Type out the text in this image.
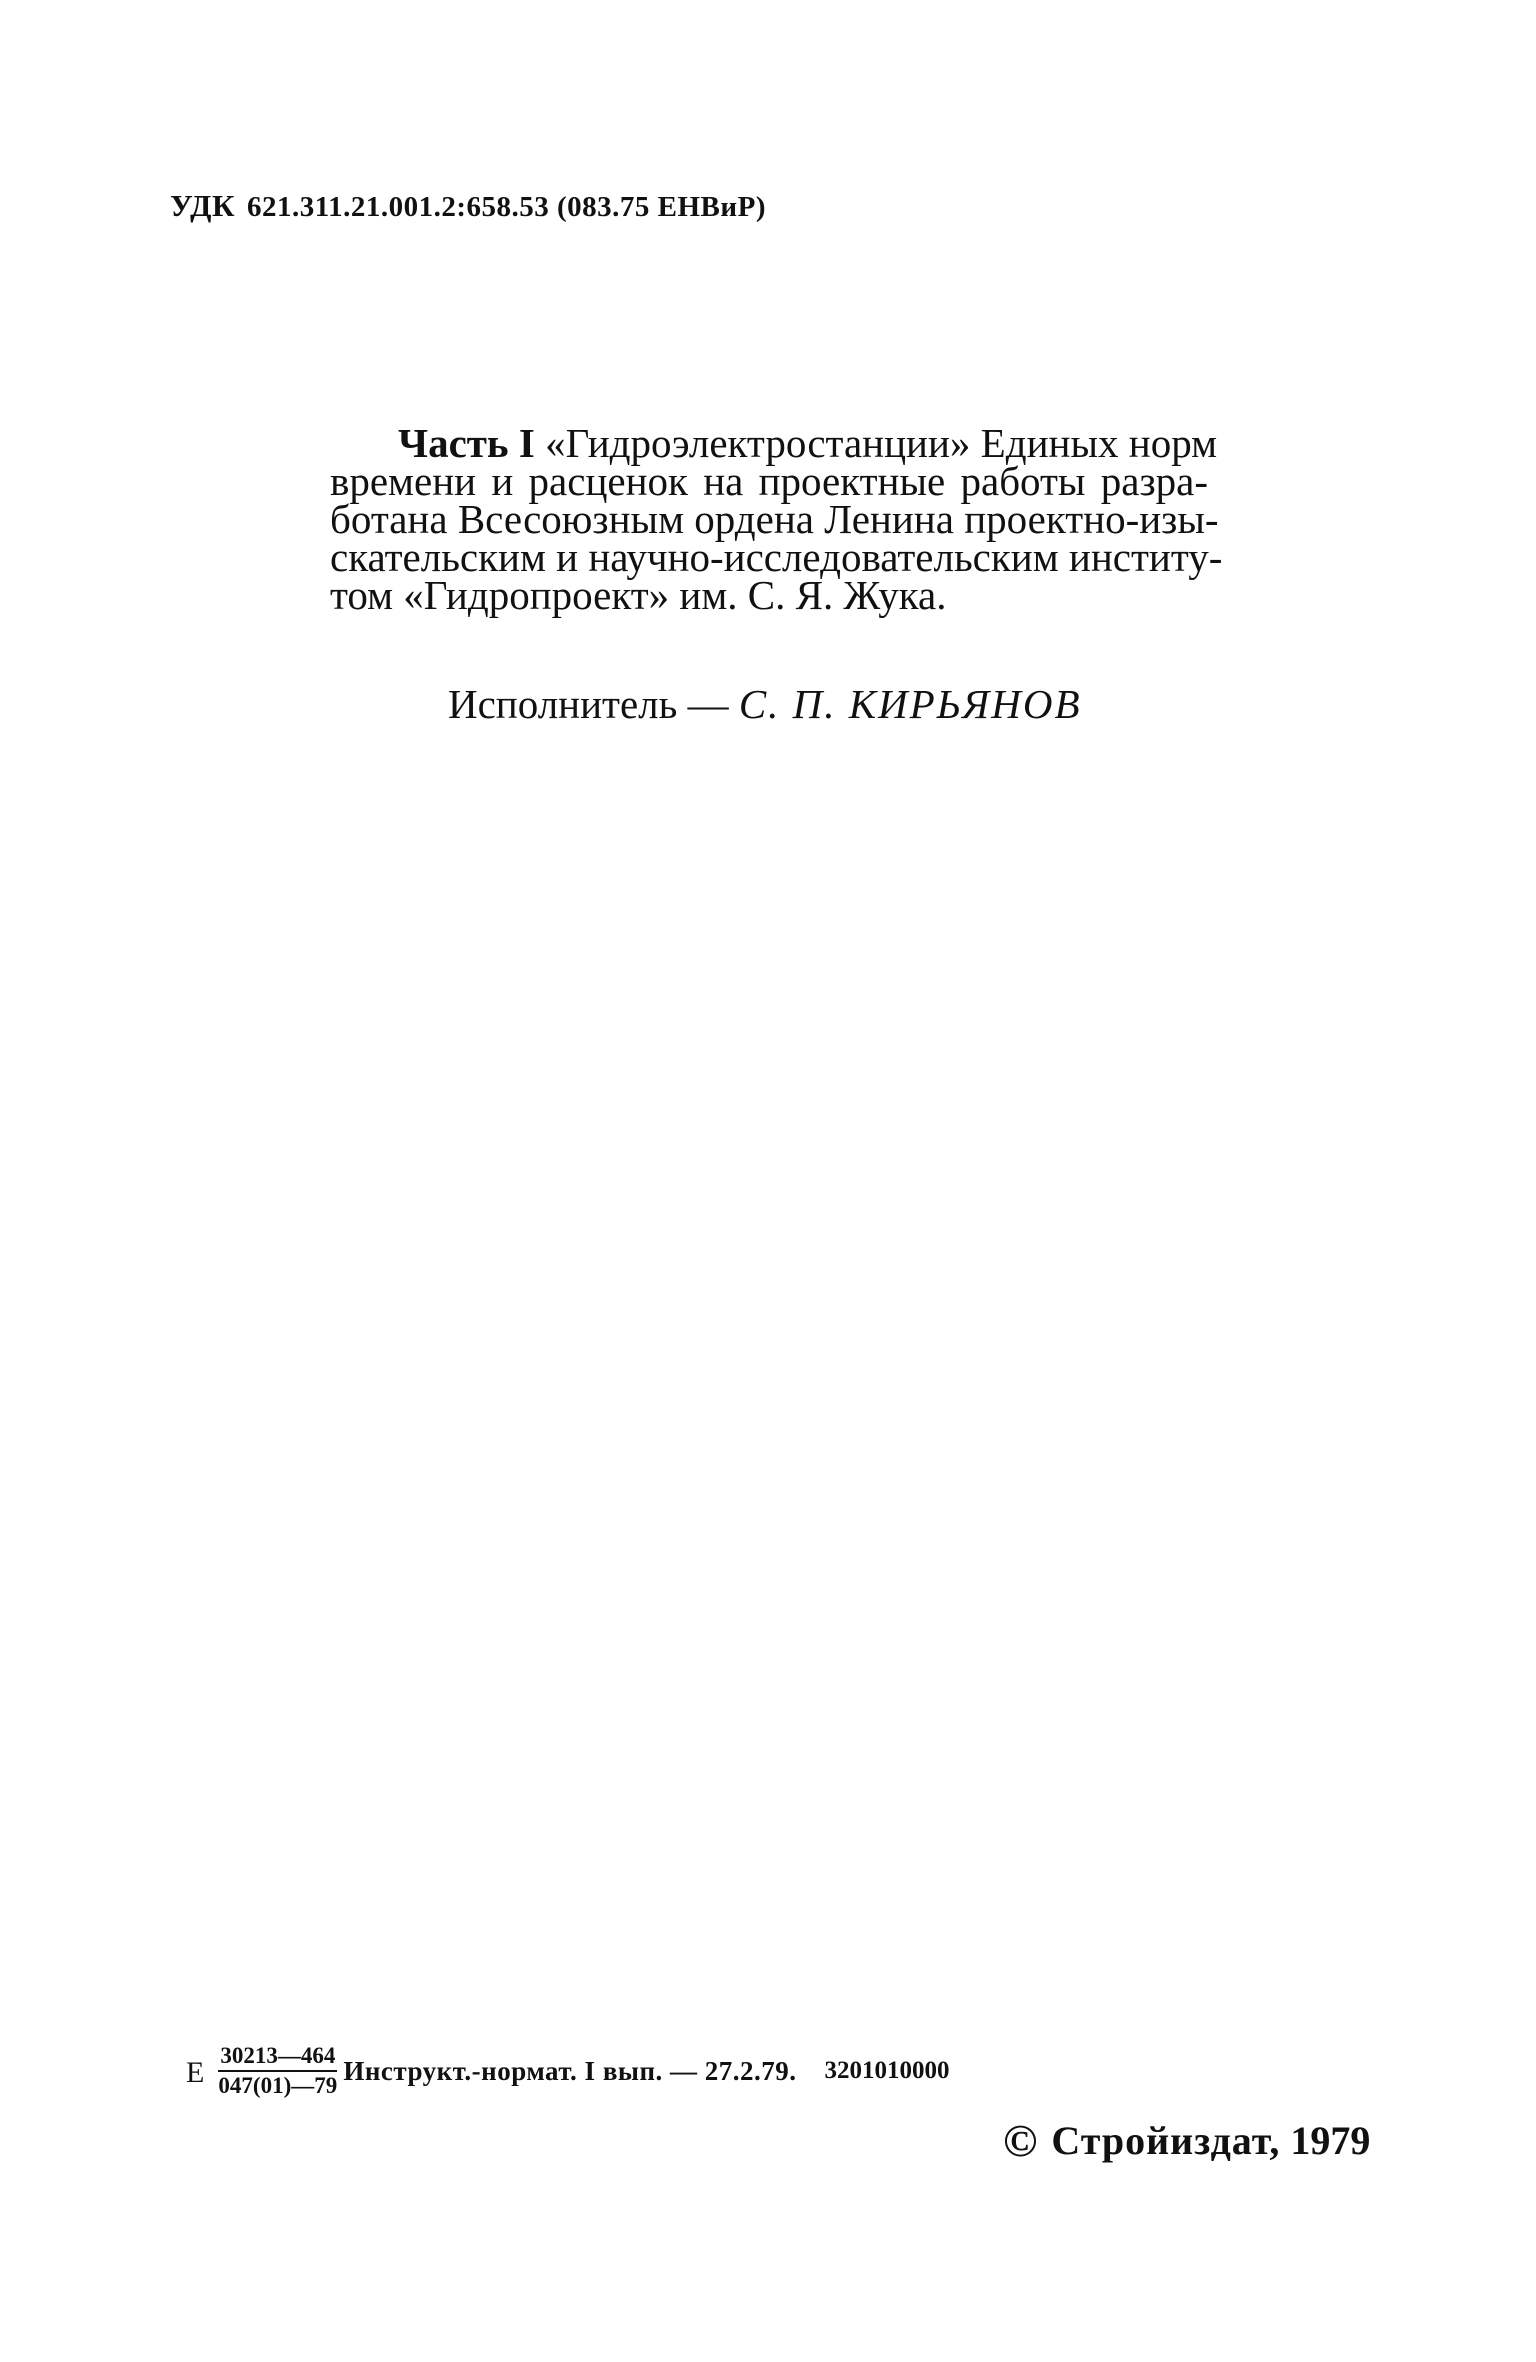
УДК 621.311.21.001.2:658.53 (083.75 ЕНВиР)
Часть I «Гидроэлектростанции» Единых норм
времени и расценок на проектные работы разра-
ботана Всесоюзным ордена Ленина проектно-изы-
скательским и научно-исследовательским институ-
том «Гидропроект» им. С. Я. Жука.
Исполнитель — С. П. КИРЬЯНОВ
Е $\frac{30213—464}{047(01)—79}$ Инструкт.-нормат. I вып. — 27.2.79. 3201010000
© Стройиздат,
1979
